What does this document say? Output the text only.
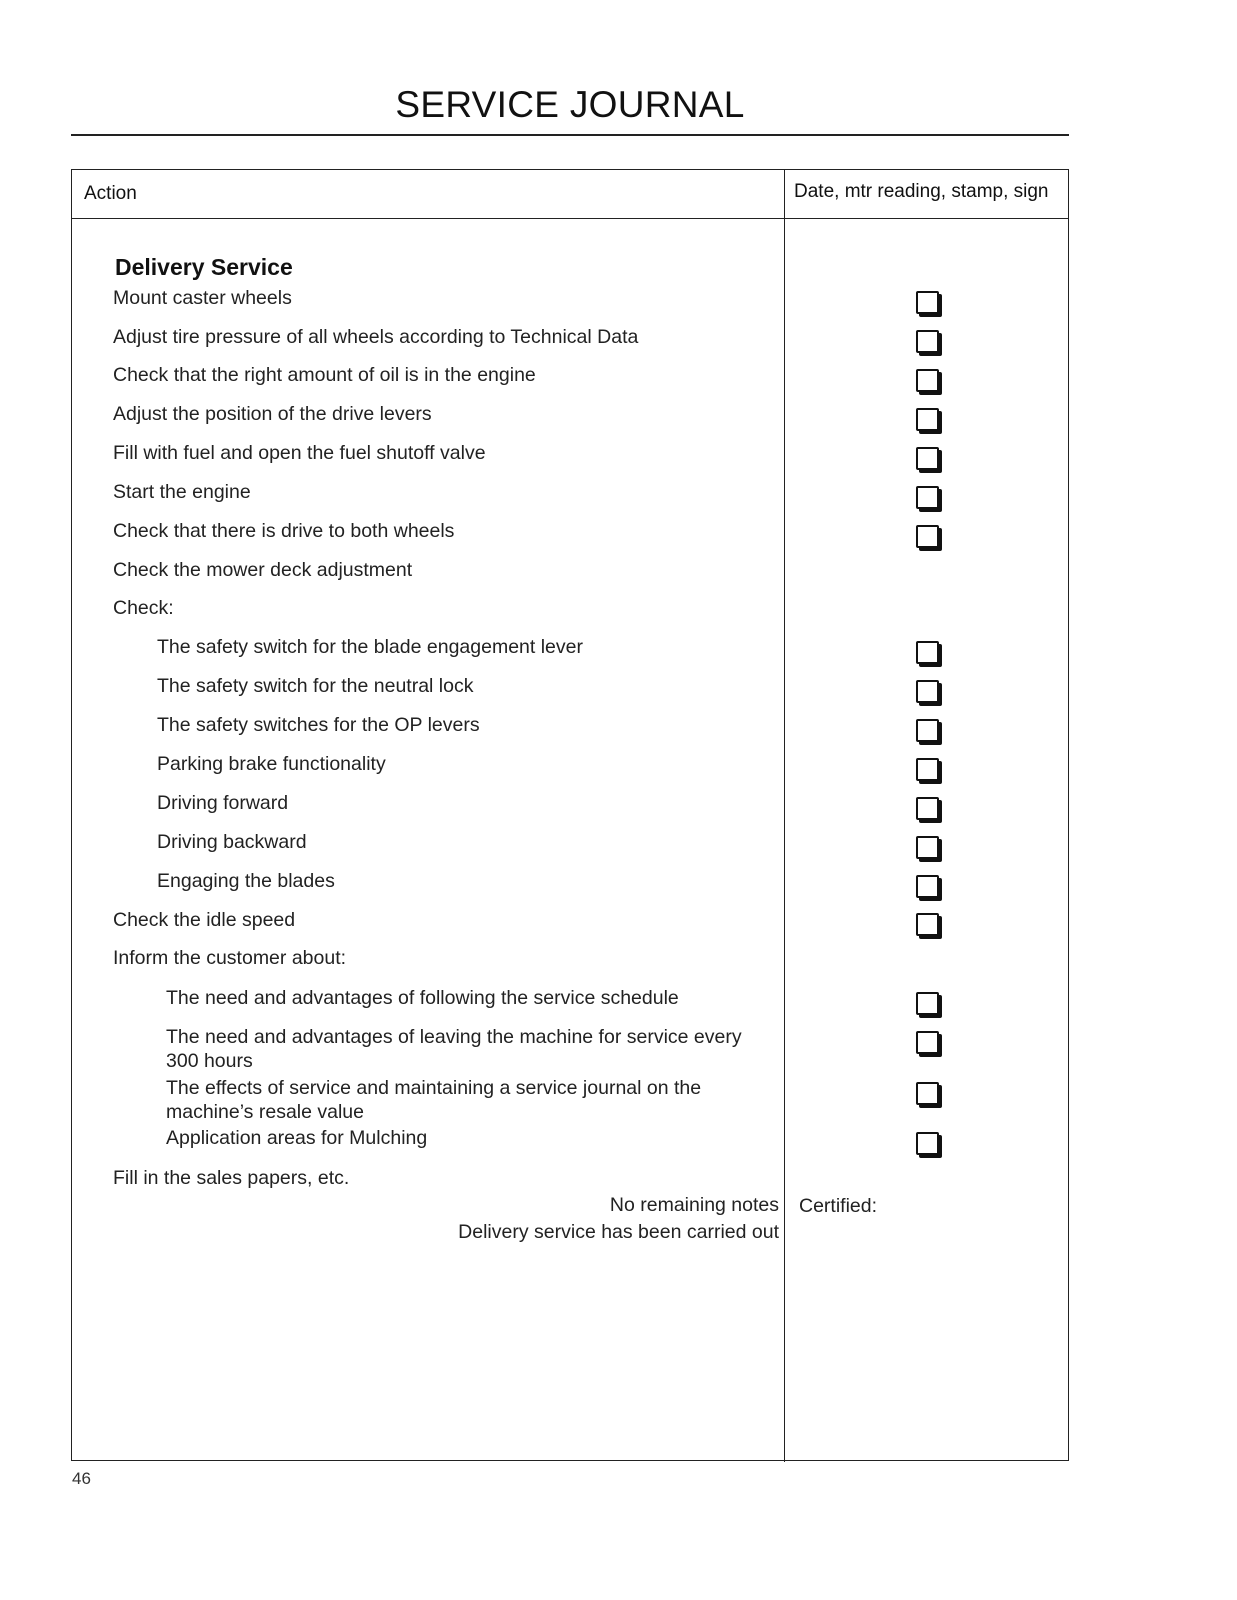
SERVICE JOURNAL
Action	Date, mtr reading, stamp, sign
Delivery Service
Mount caster wheels
Adjust tire pressure of all wheels according to Technical Data
Check that the right amount of oil is in the engine
Adjust the position of the drive levers
Fill with fuel and open the fuel shutoff valve
Start the engine
Check that there is drive to both wheels
Check the mower deck adjustment
Check:
The safety switch for the blade engagement lever
The safety switch for the neutral lock
The safety switches for the OP levers
Parking brake functionality
Driving forward
Driving backward
Engaging the blades
Check the idle speed
Inform the customer about:
The need and advantages of following the service schedule
The need and advantages of leaving the machine for service every
300 hours
The effects of service and maintaining a service journal on the
machine’s resale value
Application areas for Mulching
Fill in the sales papers, etc.
No remaining notes
Delivery service has been carried out
Certified:
46
